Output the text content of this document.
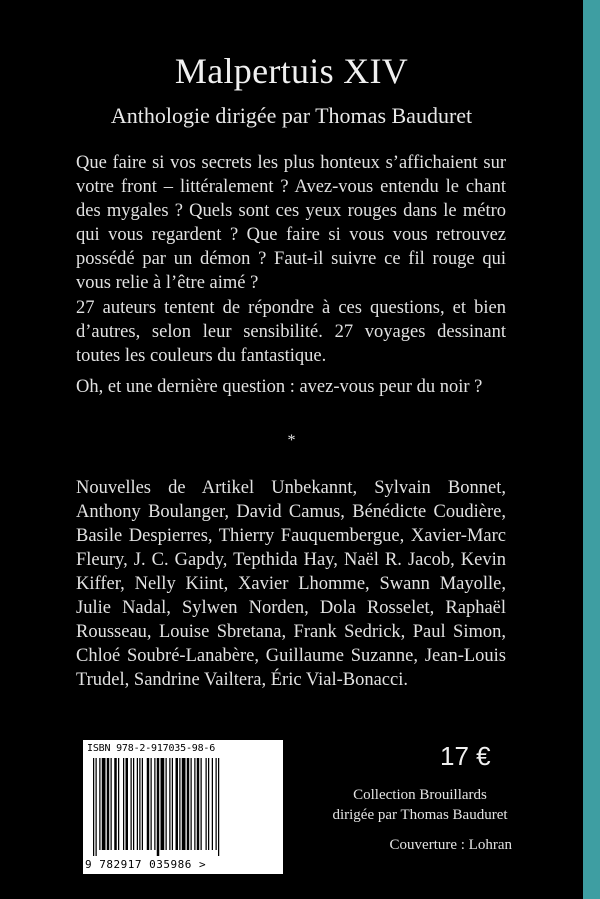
Malpertuis XIV
Anthologie dirigée par Thomas Bauduret
Que faire si vos secrets les plus honteux s’affichaient sur votre front – littéralement ? Avez-vous entendu le chant des mygales ? Quels sont ces yeux rouges dans le métro qui vous regardent ? Que faire si vous vous retrouvez possédé par un démon ? Faut-il suivre ce fil rouge qui vous relie à l’être aimé ?
27 auteurs tentent de répondre à ces questions, et bien d’autres, selon leur sensibilité. 27 voyages dessinant toutes les couleurs du fantastique.
Oh, et une dernière question : avez-vous peur du noir ?
*
Nouvelles de Artikel Unbekannt, Sylvain Bonnet, Anthony Boulanger, David Camus, Bénédicte Coudière, Basile Despierres, Thierry Fauquembergue, Xavier-Marc Fleury, J. C. Gapdy, Tepthida Hay, Naël R. Jacob, Kevin Kiffer, Nelly Kiint, Xavier Lhomme, Swann Mayolle, Julie Nadal, Sylwen Norden, Dola Rosselet, Raphaël Rousseau, Louise Sbretana, Frank Sedrick, Paul Simon, Chloé Soubré-Lanabère, Guillaume Suzanne, Jean-Louis Trudel, Sandrine Vailtera, Éric Vial-Bonacci.
ISBN 978-2-917035-98-6
9 782917 035986 >
17 €
Collection Brouillards
dirigée par Thomas Bauduret
Couverture : Lohran
